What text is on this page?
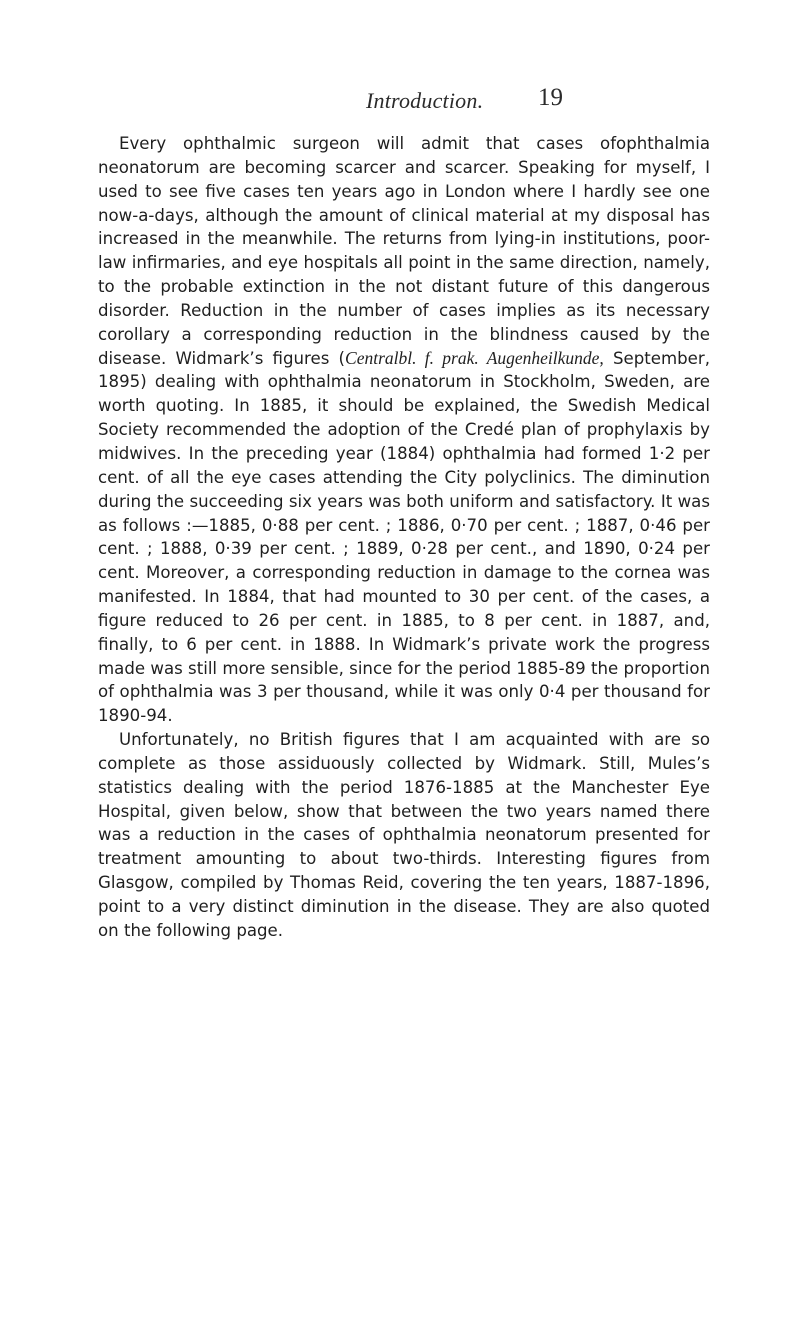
Introduction. 19

Every ophthalmic surgeon will admit that cases ofophthalmia neonatorum are becoming scarcer and scarcer. Speaking for myself, I used to see five cases ten years ago in London where I hardly see one now-a-days, although the amount of clinical material at my disposal has increased in the meanwhile. The returns from lying-in institutions, poor-law infirmaries, and eye hospitals all point in the same direction, namely, to the probable extinction in the not distant future of this dangerous disorder. Reduction in the number of cases implies as its necessary corollary a corresponding reduction in the blindness caused by the disease. Widmark’s figures (Centralbl. f. prak. Augenheilkunde, September, 1895) dealing with ophthalmia neonatorum in Stockholm, Sweden, are worth quoting. In 1885, it should be explained, the Swedish Medical Society recommended the adoption of the Credé plan of prophylaxis by midwives. In the preceding year (1884) ophthalmia had formed 1·2 per cent. of all the eye cases attending the City polyclinics. The diminution during the succeeding six years was both uniform and satisfactory. It was as follows :—1885, 0·88 per cent. ; 1886, 0·70 per cent. ; 1887, 0·46 per cent. ; 1888, 0·39 per cent. ; 1889, 0·28 per cent., and 1890, 0·24 per cent. Moreover, a corresponding reduction in damage to the cornea was manifested. In 1884, that had mounted to 30 per cent. of the cases, a figure reduced to 26 per cent. in 1885, to 8 per cent. in 1887, and, finally, to 6 per cent. in 1888. In Widmark’s private work the progress made was still more sensible, since for the period 1885-89 the proportion of ophthalmia was 3 per thousand, while it was only 0·4 per thousand for 1890-94.

Unfortunately, no British figures that I am acquainted with are so complete as those assiduously collected by Widmark. Still, Mules’s statistics dealing with the period 1876-1885 at the Manchester Eye Hospital, given below, show that between the two years named there was a reduction in the cases of ophthalmia neonatorum presented for treatment amounting to about two-thirds. Interesting figures from Glasgow, compiled by Thomas Reid, covering the ten years, 1887-1896, point to a very distinct diminution in the disease. They are also quoted on the following page.
